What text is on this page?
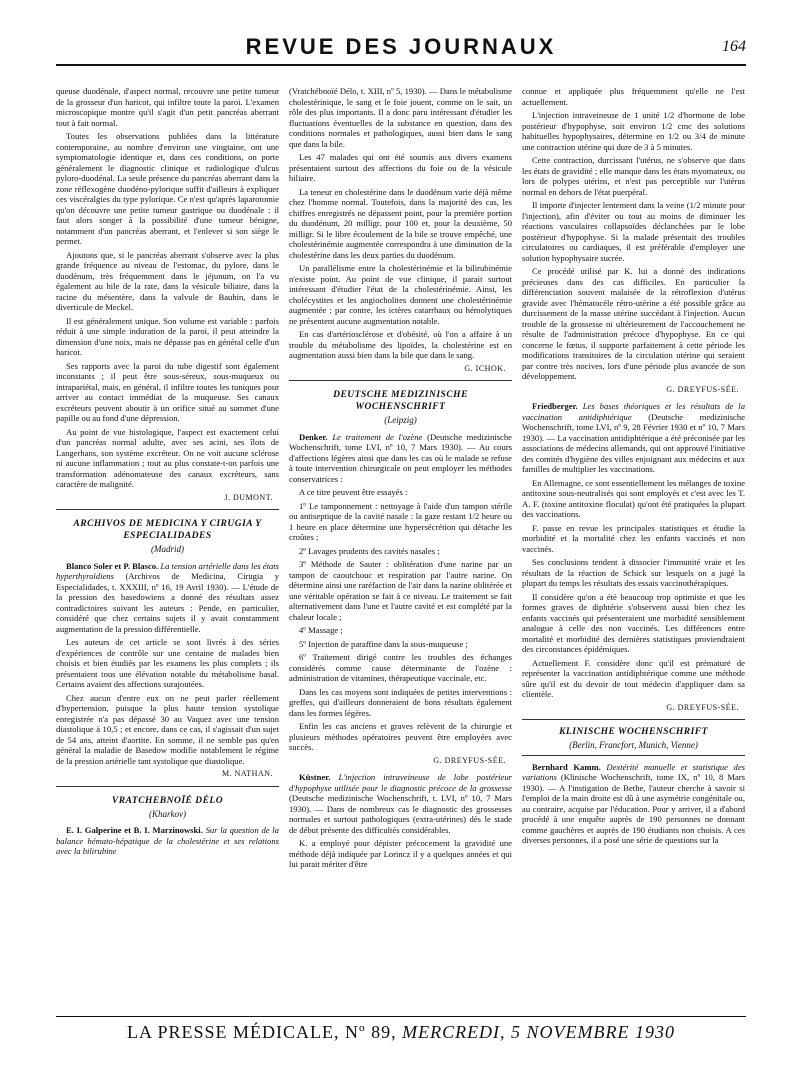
REVUE DES JOURNAUX	164

queuse duodénale, d'aspect normal, recouvre une petite tumeur de la grosseur d'un haricot, qui infiltre toute la paroi. L'examen microscopique montre qu'il s'agit d'un petit pancréas aberrant tout à fait normal.

Toutes les observations publiées dans la littérature contemporaine, au nombre d'environ une vingtaine, ont une symptomatologie identique et, dans ces conditions, on porte généralement le diagnostic clinique et radiologique d'ulcus pyloro-duodénal. La seule présence du pancréas aberrant dans la zone réflexogène duodéno-pylorique suffit d'ailleurs à expliquer ces viscéralgies du type pylorique. Ce n'est qu'après laparotomie qu'on découvre une petite tumeur gastrique ou duodénale : il faut alors songer à la possibilité d'une tumeur bénigne, notamment d'un pancréas aberrant, et l'enlever si son siège le permet.

Ajoutons que, si le pancréas aberrant s'observe avec la plus grande fréquence au niveau de l'estomac, du pylore, dans le duodénum, très fréquemment dans le jéjunum, on l'a vu également au hile de la rate, dans la vésicule biliaire, dans la racine du mésentère, dans la valvule de Bauhin, dans le diverticule de Meckel.

Il est généralement unique. Son volume est variable : parfois réduit à une simple induration de la paroi, il peut atteindre la dimension d'une noix, mais ne dépasse pas en général celle d'un haricot.

Ses rapports avec la paroi du tube digestif sont également inconstants ; il peut être sous-séreux, sous-muqueux ou intrapariétal, mais, en général, il infiltre toutes les tuniques pour arriver au contact immédiat de la muqueuse. Ses canaux excréteurs peuvent aboutir à un orifice situé au sommet d'une papille ou au fond d'une dépression.

Au point de vue histologique, l'aspect est exactement celui d'un pancréas normal adulte, avec ses acini, ses îlots de Langerhans, son système excréteur. On ne voit aucune sclérose ni aucune inflammation ; tout au plus constate-t-on parfois une transformation adénomateuse des canaux excréteurs, sans caractère de malignité.

J. DUMONT.
ARCHIVOS DE MEDICINA Y CIRUGIA Y ESPECIALIDADES
(Madrid)

Blanco Soler et P. Blasco. La tension artérielle dans les états hyperthyroïdiens (Archivos de Medicina, Cirugia y Especialidades, t. XXXIII, nº 16, 19 Avril 1930). — L'étude de la pression des basedowiens a donné des résultats assez contradictoires suivant les auteurs : Pende, en particulier, considéré que chez certains sujets il y avait constamment augmentation de la pression différentielle.

Les auteurs de cet article se sont livrés à des séries d'expériences de contrôle sur une centaine de malades bien choisis et bien étudiés par les examens les plus complets ; ils présentaient tous une élévation notable du métabolisme basal. Certains avaient des affections surajoutées.

Chez aucun d'entre eux on ne peut parler réellement d'hypertension, puisque la plus haute tension systolique enregistrée n'a pas dépassé 30 au Vaquez avec une tension diastolique à 10,5 ; et encore, dans ce cas, il s'agissait d'un sujet de 54 ans, atteint d'aortite. En somme, il ne semble pas qu'en général la maladie de Basedow modifie notablement le régime de la pression artérielle tant systolique que diastolique.

M. NATHAN.
VRATCHEBNOÏÉ DÉLO
(Kharkov)

E. I. Galperine et B. I. Marzinowski. Sur la question de la balance hémato-hépatique de la cholestérine et ses relations avec la bilirubine

(Vratchébnoïé Délo, t. XIII, nº 5, 1930). — Dans le métabolisme cholestérinique, le sang et le foie jouent, comme on le sait, un rôle des plus importants. Il a donc paru intéressant d'étudier les fluctuations éventuelles de la substance en question, dans des conditions normales et pathologiques, aussi bien dans le sang que dans la bile.

Les 47 malades qui ont été soumis aux divers examens présentaient surtout des affections du foie ou de la vésicule biliaire.

La teneur en cholestérine dans le duodénum varie déjà même chez l'homme normal. Toutefois, dans la majorité des cas, les chiffres enregistrés ne dépassent point, pour la première portion du duodénum, 20 milligr. pour 100 et, pour la deuxième, 50 milligr. Si le libre écoulement de la bile se trouve empêché, une cholestérinémie augmentée correspondra à une diminution de la cholestérine dans les deux parties du duodénum.

Un parallélisme entre la cholestérinémie et la bilirubinémie n'existe point. Au point de vue clinique, il parait surtout intéressant d'étudier l'état de la cholestérinémie. Ainsi, les cholécystites et les angiocholites donnent une cholestérinémie augmentée ; par contre, les ictères catarrhaux ou hémolytiques ne présentent aucune augmentation notable.

En cas d'artériosclérose et d'obésité, où l'on a affaire à un trouble du métabolisme des lipoïdes, la cholestérine est en augmentation aussi bien dans la bile que dans le sang.

G. ICHOK.
DEUTSCHE MEDIZINISCHE WOCHENSCHRIFT
(Leipzig)

Denker. Le traitement de l'ozène (Deutsche medizinische Wochenschrift, tome LVI, nº 10, 7 Mars 1930). — Au cours d'affections légères ainsi que dans les cas où le malade se refuse à toute intervention chirurgicale on peut employer les méthodes conservatrices :

A ce titre peuvent être essayés :

1º Le tamponnement : nettoyage à l'aide d'un tampon stérile ou antiseptique de la cavité nasale : la gaze restant 1/2 heure ou 1 heure en place détermine une hypersécrétion qui détache les croûtes ;

2º Lavages prudents des cavités nasales ;

3º Méthode de Sauter : oblitération d'une narine par un tampon de caoutchouc et respiration par l'autre narine. On détermine ainsi une raréfaction de l'air dans la narine oblitérée et une véritable opération se fait à ce niveau. Le traitement se fait alternativement dans l'une et l'autre cavité et est complété par la chaleur locale ;

4º Massage ;

5º Injection de paraffine dans la sous-muqueuse ;

6º Traitement dirigé contre les troubles des échanges considérés comme cause déterminante de l'ozène : administration de vitamines, thérapeutique vaccinale, etc.

Dans les cas moyens sont indiquées de petites interventions : greffes, qui d'ailleurs donneraient de bons résultats également dans les formes légères.

Enfin les cas anciens et graves relèvent de la chirurgie et plusieurs méthodes opératoires peuvent être employées avec succès.

G. DREYFUS-SÉE.

Küstner. L'injection intraveineuse de lobe postérieur d'hypophyse utilisée pour le diagnostic précoce de la grossesse (Deutsche medizinische Wochenschrift, t. LVI, nº 10, 7 Mars 1930). — Dans de nombreux cas le diagnostic des grossesses normales et surtout pathologiques (extra-utérines) dès le stade de début présente des difficultés considérables.

K. a employé pour dépister précocement la gravidité une méthode déjà indiquée par Lorincz il y a quelques années et qui lui parait mériter d'être

connue et appliquée plus fréquemment qu'elle ne l'est actuellement.

L'injection intraveineuse de 1 unité 1/2 d'hormone de lobe postérieur d'hypophyse, soit environ 1/2 cmc des solutions habituelles hypophysaires, détermine en 1/2 ou 3/4 de minute une contraction utérine qui dure de 3 à 5 minutes.

Cette contraction, durcissant l'utérus, ne s'observe que dans les états de gravidité ; elle manque dans les états myomateux, ou lors de polypes utérins, et n'est pas perceptible sur l'utérus normal en dehors de l'état puerpéral.

Il importe d'injecter lentement dans la veine (1/2 minute pour l'injection), afin d'éviter ou tout au moins de diminuer les réactions vasculaires collapsoïdes déclanchées par le lobe postérieur d'hypophyse. Si la malade présentait des troubles circulatoires ou cardiaques, il est préférable d'employer une solution hypophysaire sucrée.

Ce procédé utilisé par K. lui a donné des indications précieuses dans des cas difficiles. En particulier la différenciation souvent malaisée de la rétroflexion d'utérus gravide avec l'hématocèle rétro-utérine a été possible grâce au durcissement de la masse utérine succédant à l'injection. Aucun trouble de la grossesse ni ultérieurement de l'accouchement ne résulte de l'administration précoce d'hypophyse. En ce qui concerne le fœtus, il supporte parfaitement à cette période les modifications transitoires de la circulation utérine qui seraient par contre très nocives, lors d'une période plus avancée de son développement.

G. DREYFUS-SÉE.

Friedberger. Les bases théoriques et les résultats de la vaccination antidiphtérique (Deutsche medizinische Wochenschrift, tome LVI, nº 9, 28 Février 1930 et nº 10, 7 Mars 1930). — La vaccination antidiphtérique a été préconisée par les associations de médecins allemands, qui ont approuvé l'initiative des comités d'hygiène des villes enjoignant aux médecins et aux familles de multiplier les vaccinations.

En Allemagne, ce sont essentiellement les mélanges de toxine antitoxine sous-neutralisés qui sont employés et c'est avec les T. A. F. (toxine antitoxine floculat) qu'ont été pratiquées la plupart des vaccinations.

F. passe en revue les principales statistiques et étudie la morbidité et la mortalité chez les enfants vaccinés et non vaccinés.

Ses conclusions tendent à dissocier l'immunité vraie et les résultats de la réaction de Schick sur lesquels on a jugé la plupart du temps les résultats des essais vaccinothérapiques.

Il considère qu'on a été beaucoup trop optimiste et que les formes graves de diphtérie s'observent aussi bien chez les enfants vaccinés qui présenteraient une morbidité sensiblement analogue à celle des non vaccinés. Les différences entre mortalité et morbidité des dernières statistiques proviendraient des circonstances épidémiques.

Actuellement F. considère donc qu'il est prématuré de représenter la vaccination antidiphtérique comme une méthode sûre qu'il est du devoir de tout médecin d'appliquer dans sa clientèle.

G. DREYFUS-SÉE.
KLINISCHE WOCHENSCHRIFT
(Berlin, Francfort, Munich, Vienne)

Bernhard Kamm. Dextérité manuelle et statistique des variations (Klinische Wochenschrift, tome IX, nº 10, 8 Mars 1930). — A l'instigation de Bethe, l'auteur cherche à savoir si l'emploi de la main droite est dû à une asymétrie congénitale ou, au contraire, acquise par l'éducation. Pour y arriver, il a d'abord procédé à une enquête auprès de 190 personnes ne donnant comme gauchères et auprès de 190 étudiants non choisis. A ces diverses personnes, il a posé une série de questions sur la

LA PRESSE MÉDICALE, Nº 89, MERCREDI, 5 NOVEMBRE 1930
